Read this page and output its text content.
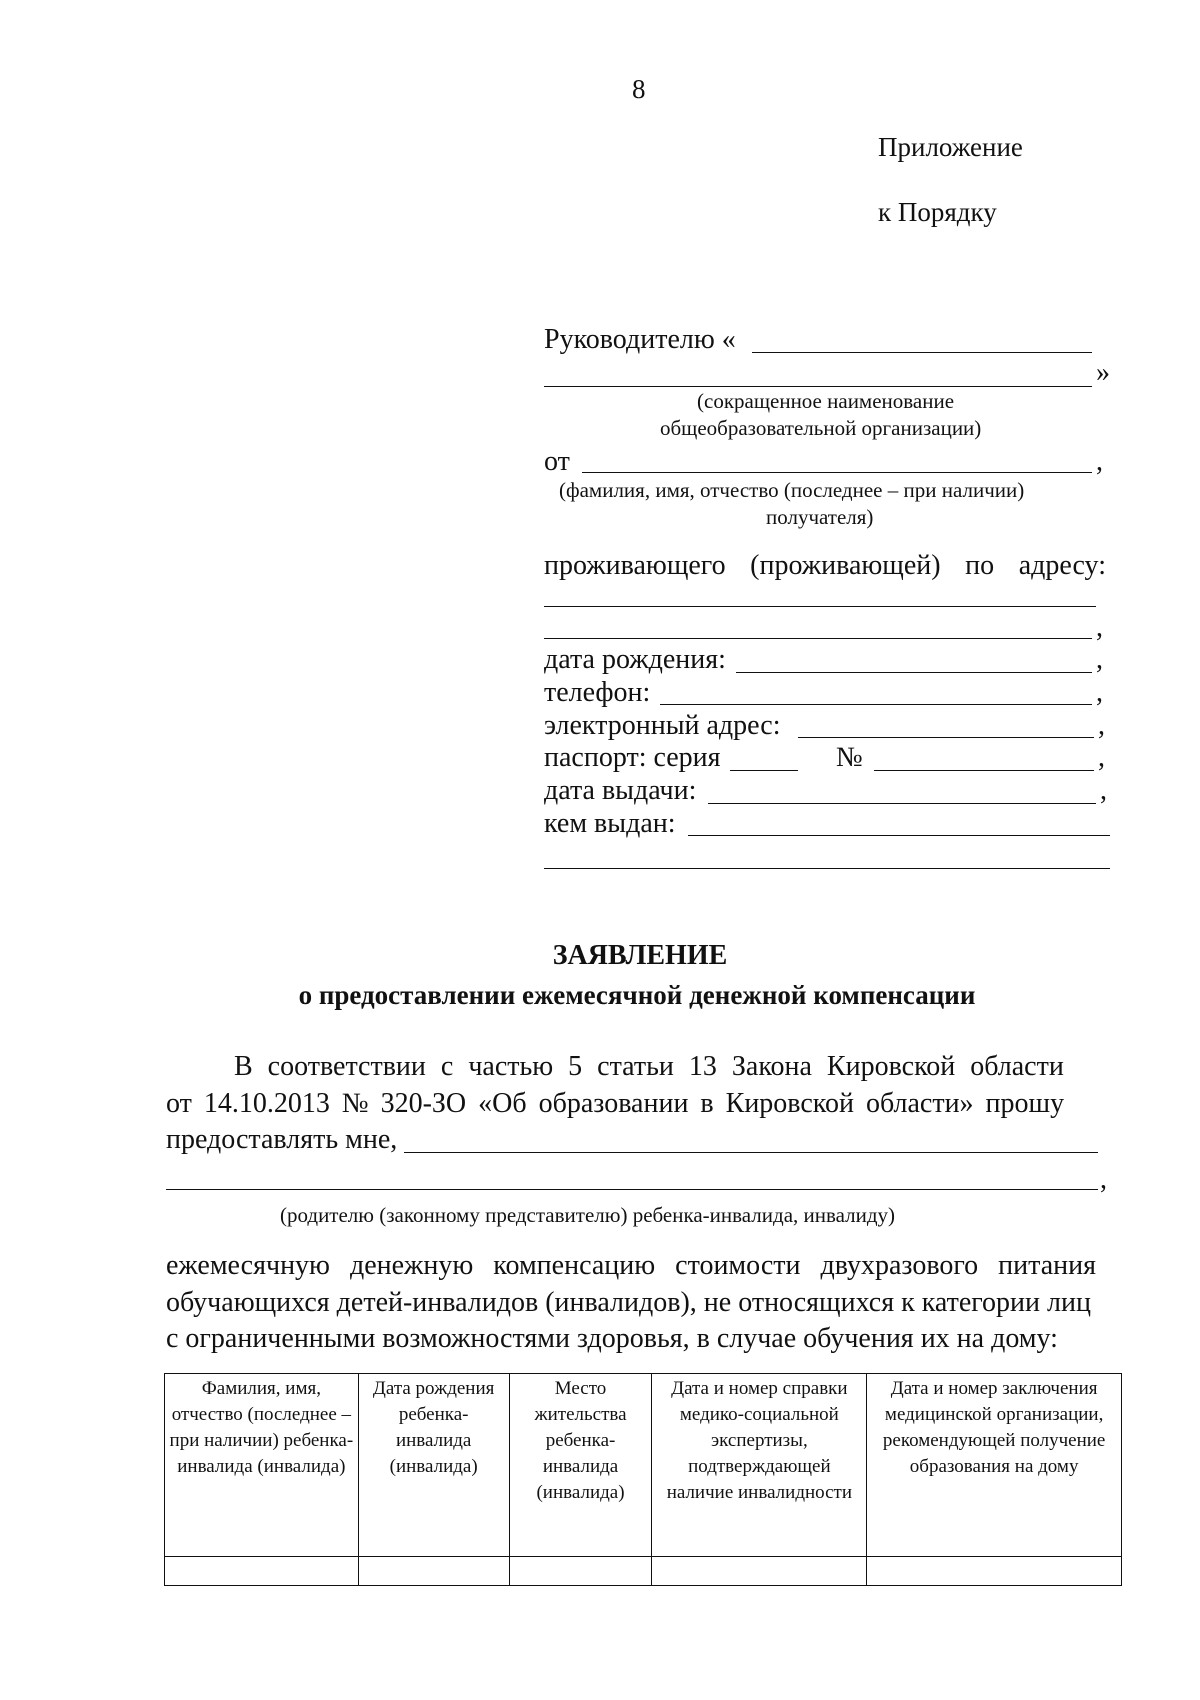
8
Приложение
к Порядку
Руководителю «
»
(сокращенное наименование
общеобразовательной организации)
от	,
(фамилия, имя, отчество (последнее – при наличии)
получателя)
проживающего (проживающей) по адресу:
,
дата рождения:	,
телефон:	,
электронный адрес:	,
паспорт: серия	№	,
дата выдачи:	,
кем выдан:
ЗАЯВЛЕНИЕ
о предоставлении ежемесячной денежной компенсации
В соответствии с частью 5 статьи 13 Закона Кировской области
от 14.10.2013 № 320-ЗО «Об образовании в Кировской области» прошу
предоставлять мне,
,
(родителю (законному представителю) ребенка-инвалида, инвалиду)
ежемесячную денежную компенсацию стоимости двухразового питания
обучающихся детей-инвалидов (инвалидов), не относящихся к категории лиц
с ограниченными возможностями здоровья, в случае обучения их на дому:
Фамилия, имя, отчество (последнее – при наличии) ребенка-инвалида (инвалида)	Дата рождения ребенка-инвалида (инвалида)	Место жительства ребенка-инвалида (инвалида)	Дата и номер справки медико-социальной экспертизы, подтверждающей наличие инвалидности	Дата и номер заключения медицинской организации, рекомендующей получение образования на дому
